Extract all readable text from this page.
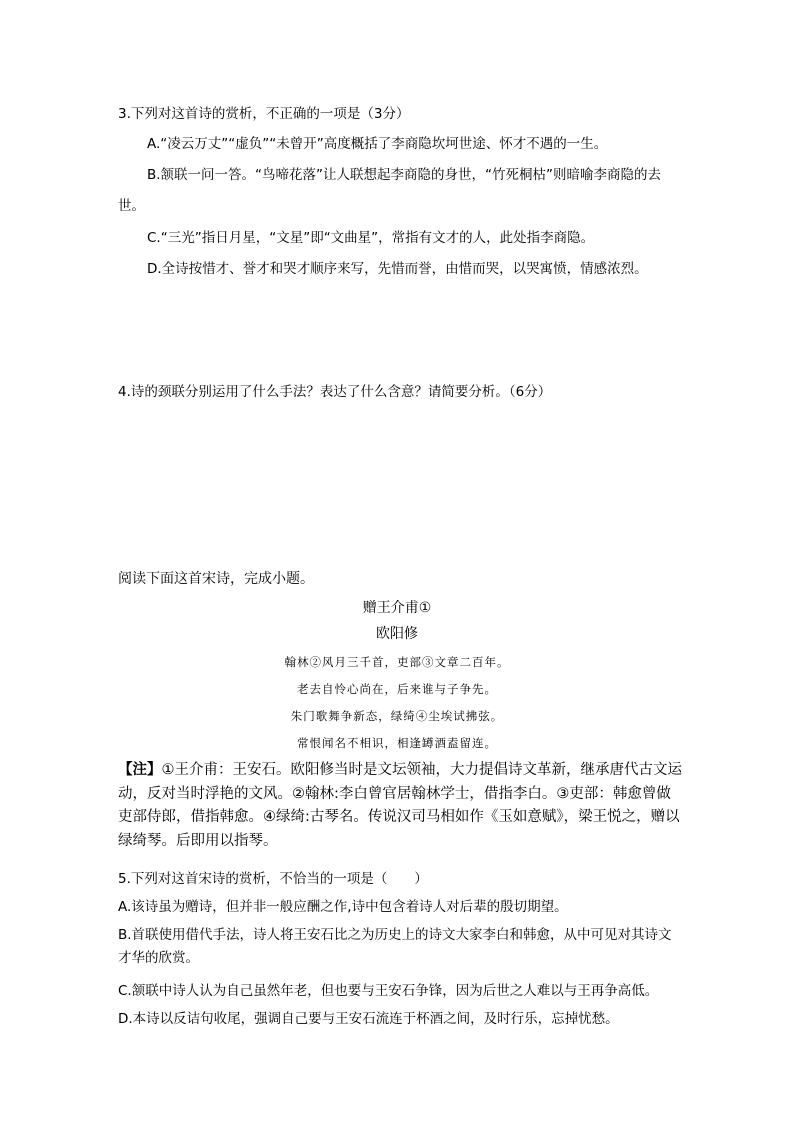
3.下列对这首诗的赏析，不正确的一项是（3分）
A.“凌云万丈”“虚负”“未曾开”高度概括了李商隐坎坷世途、怀才不遇的一生。
B.颔联一问一答。“鸟啼花落”让人联想起李商隐的身世，“竹死桐枯”则暗喻李商隐的去
世。
C.“三光”指日月星，“文星”即“文曲星”，常指有文才的人，此处指李商隐。
D.全诗按惜才、誉才和哭才顺序来写，先惜而誉，由惜而哭，以哭寓愤，情感浓烈。
4.诗的颈联分别运用了什么手法？表达了什么含意？请简要分析。（6分）
阅读下面这首宋诗，完成小题。
赠王介甫①
欧阳修
翰林②风月三千首，吏部③文章二百年。
老去自怜心尚在，后来谁与子争先。
朱门歌舞争新态，绿绮④尘埃试拂弦。
常恨闻名不相识，相逢罇酒盍留连。
【注】①王介甫：王安石。欧阳修当时是文坛领袖，大力提倡诗文革新，继承唐代古文运动，反对当时浮艳的文风。②翰林:李白曾官居翰林学士，借指李白。③吏部：韩愈曾做吏部侍郎，借指韩愈。④绿绮:古琴名。传说汉司马相如作《玉如意赋》，梁王悦之，赠以绿绮琴。后即用以指琴。
5.下列对这首宋诗的赏析，不恰当的一项是（　　）
A.该诗虽为赠诗，但并非一般应酬之作,诗中包含着诗人对后辈的殷切期望。
B.首联使用借代手法，诗人将王安石比之为历史上的诗文大家李白和韩愈，从中可见对其诗文才华的欣赏。
C.颔联中诗人认为自己虽然年老，但也要与王安石争锋，因为后世之人难以与王再争高低。
D.本诗以反诘句收尾，强调自己要与王安石流连于杯酒之间，及时行乐，忘掉忧愁。
